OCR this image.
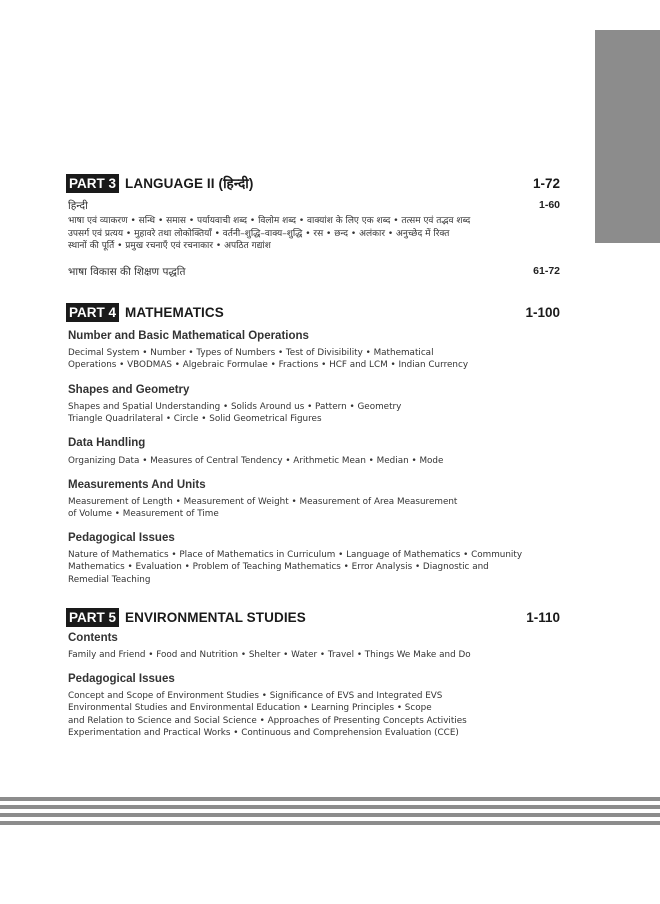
PART 3 LANGUAGE II (हिन्दी)	1-72
हिन्दी	1-60
भाषा एवं व्याकरण • सन्धि • समास • पर्यायवाची शब्द • विलोम शब्द • वाक्यांश के लिए एक शब्द • तत्सम एवं तद्भव शब्द
उपसर्ग एवं प्रत्यय • मुहावरे तथा लोकोक्तियाँ • वर्तनी–शुद्धि–वाक्य–शुद्धि • रस • छन्द • अलंकार • अनुच्छेद में रिक्त
स्थानों की पूर्ति • प्रमुख रचनाएँ एवं रचनाकार • अपठित गद्यांश
भाषा विकास की शिक्षण पद्धति	61-72
PART 4 MATHEMATICS	1-100
Number and Basic Mathematical Operations
Decimal System • Number • Types of Numbers • Test of Divisibility • Mathematical
Operations • VBODMAS • Algebraic Formulae • Fractions • HCF and LCM • Indian Currency
Shapes and Geometry
Shapes and Spatial Understanding • Solids Around us • Pattern • Geometry
Triangle Quadrilateral • Circle • Solid Geometrical Figures
Data Handling
Organizing Data • Measures of Central Tendency • Arithmetic Mean • Median • Mode
Measurements And Units
Measurement of Length • Measurement of Weight • Measurement of Area Measurement
of Volume • Measurement of Time
Pedagogical Issues
Nature of Mathematics • Place of Mathematics in Curriculum • Language of Mathematics • Community
Mathematics • Evaluation • Problem of Teaching Mathematics • Error Analysis • Diagnostic and
Remedial Teaching
PART 5 ENVIRONMENTAL STUDIES	1-110
Contents
Family and Friend • Food and Nutrition • Shelter • Water • Travel • Things We Make and Do
Pedagogical Issues
Concept and Scope of Environment Studies • Significance of EVS and Integrated EVS
Environmental Studies and Environmental Education • Learning Principles • Scope
and Relation to Science and Social Science • Approaches of Presenting Concepts Activities
Experimentation and Practical Works • Continuous and Comprehension Evaluation (CCE)
